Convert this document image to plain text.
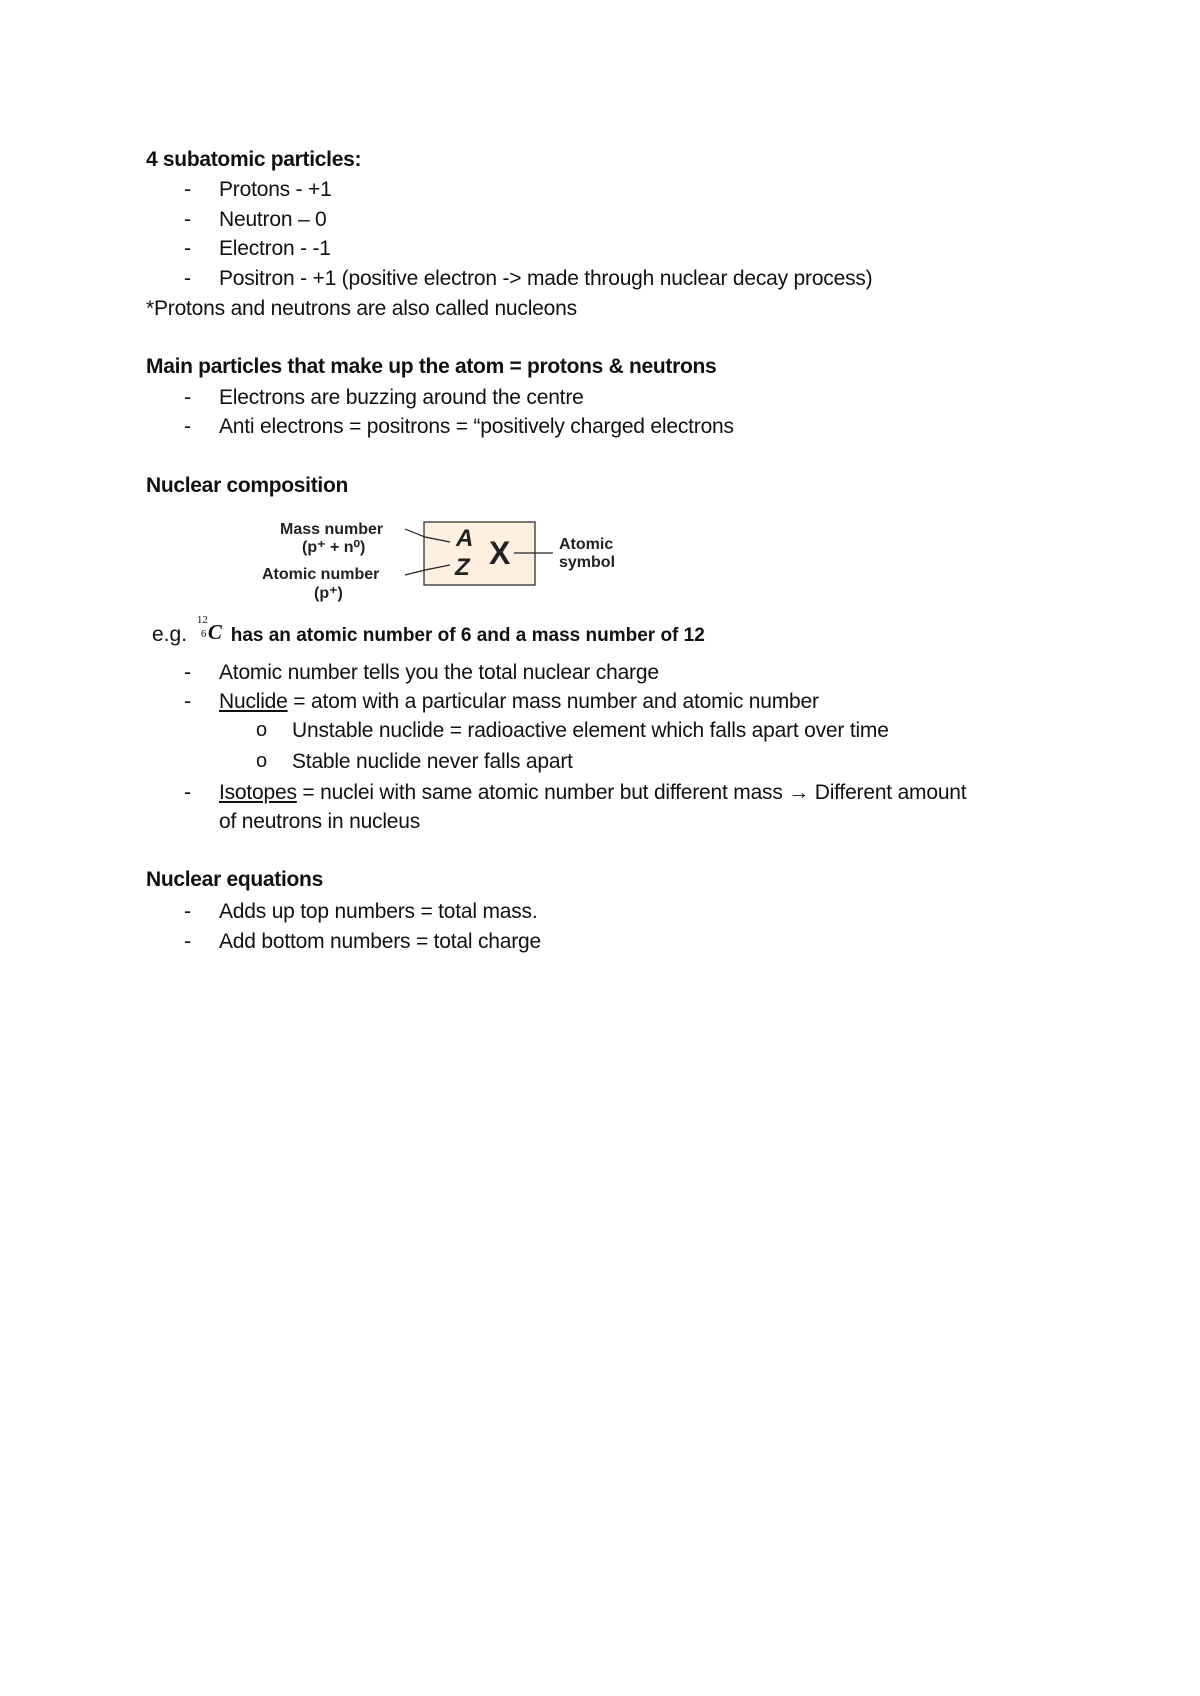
4 subatomic particles:
- Protons - +1
- Neutron – 0
- Electron - -1
- Positron - +1 (positive electron -> made through nuclear decay process)
*Protons and neutrons are also called nucleons
Main particles that make up the atom = protons & neutrons
- Electrons are buzzing around the centre
- Anti electrons = positrons = “positively charged electrons
Nuclear composition
Mass number
(p⁺ + n⁰)
Atomic number
(p⁺)
A
Z X	Atomic
symbol
e.g.
12
6 C has an atomic number of 6 and a mass number of 12
- Atomic number tells you the total nuclear charge
- Nuclide = atom with a particular mass number and atomic number
o Unstable nuclide = radioactive element which falls apart over time
o Stable nuclide never falls apart
- Isotopes = nuclei with same atomic number but different mass → Different amount
of neutrons in nucleus
Nuclear equations
- Adds up top numbers = total mass.
- Add bottom numbers = total charge
